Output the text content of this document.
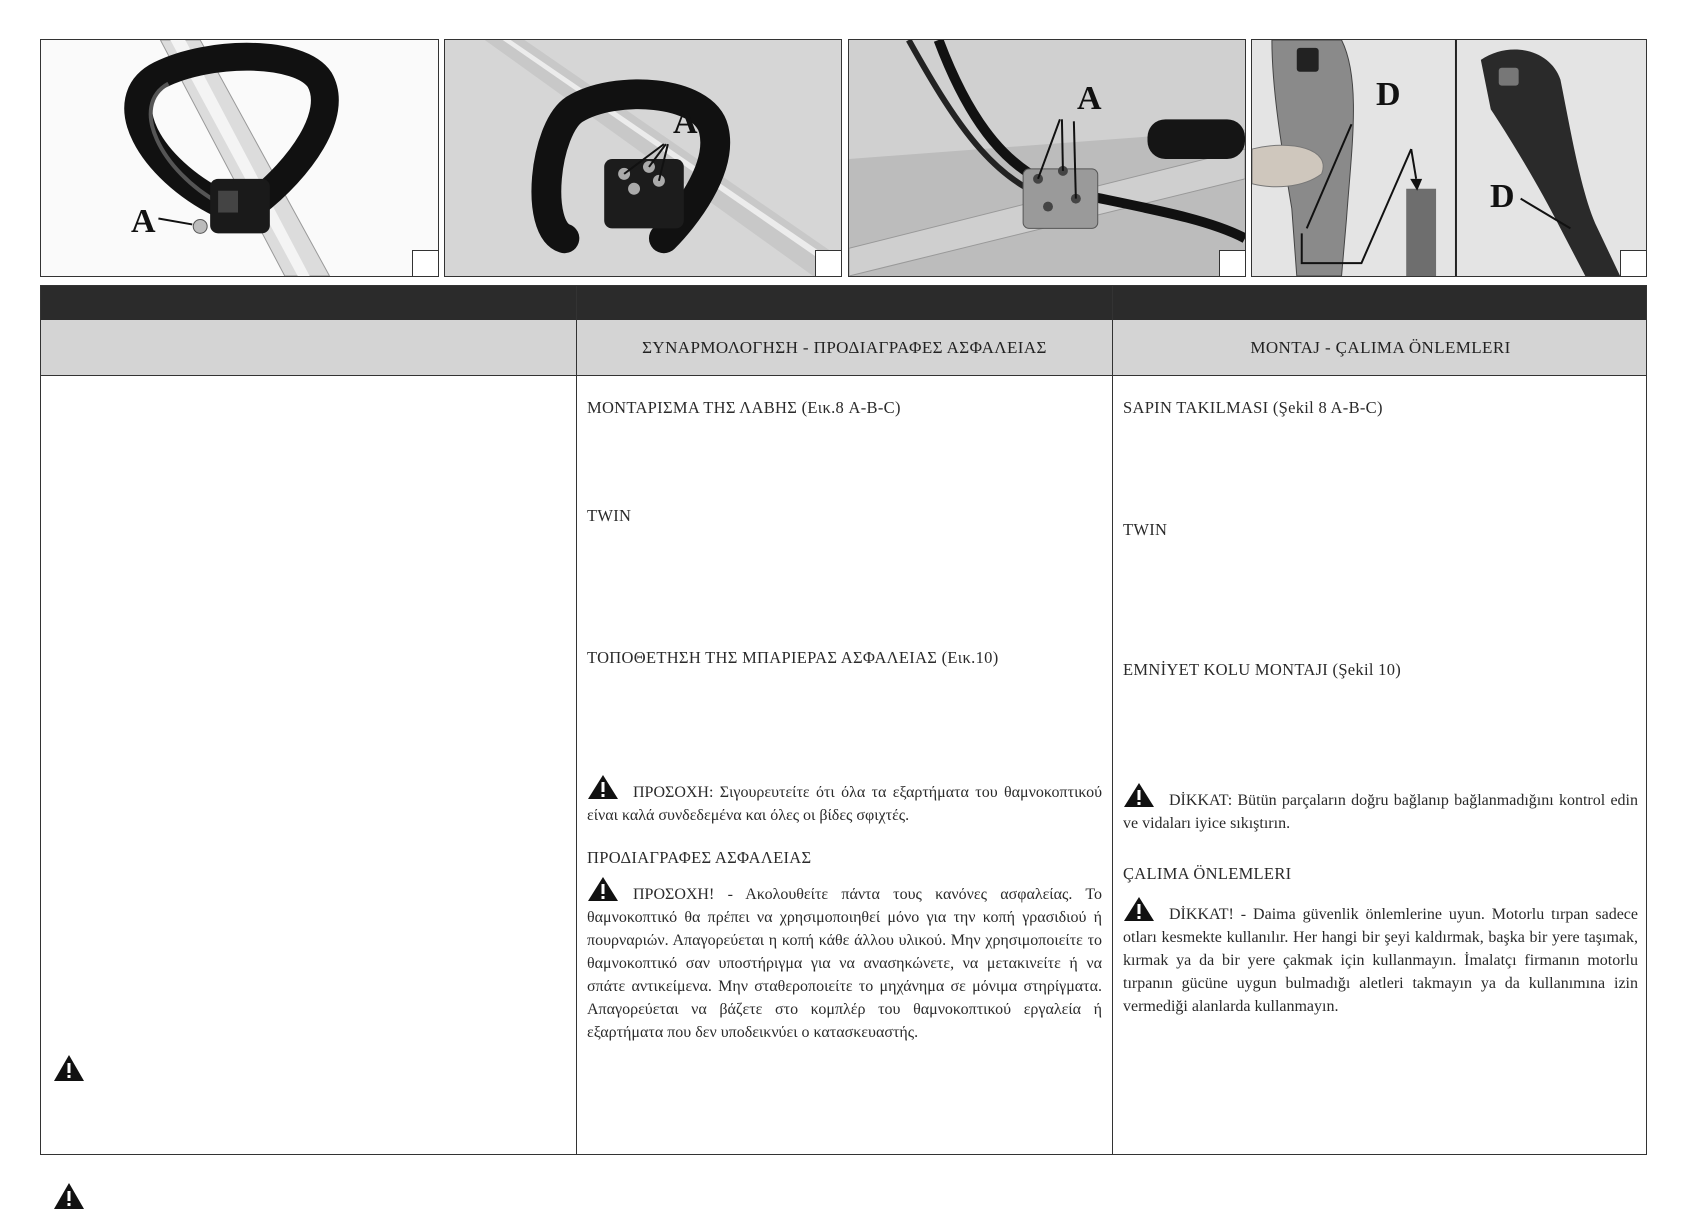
A
A
A	D
D
ΣΥΝΑΡΜΟΛΟΓΗΣΗ - ΠΡΟΔΙΑΓΡΑΦΕΣ ΑΣΦΑΛΕΙΑΣ	MONTAJ - ÇALIMA ÖNLEMLERI
ΜΟΝΤΑΡΙΣΜΑ ΤΗΣ ΛΑΒΗΣ (Εικ.8 A-B-C)
TWIN
ΤΟΠΟΘΕΤΗΣΗ ΤΗΣ ΜΠΑΡΙΕΡΑΣ ΑΣΦΑΛΕΙΑΣ (Εικ.10)
ΠΡΟΣΟΧΗ: Σιγουρευτείτε ότι όλα τα εξαρτήματα του θαμνοκοπτικού είναι καλά συνδεδεμένα και όλες οι βίδες σφιχτές.
ΠΡΟΔΙΑΓΡΑΦΕΣ ΑΣΦΑΛΕΙΑΣ
ΠΡΟΣΟΧΗ! - Ακολουθείτε πάντα τους κανόνες ασφαλείας. Το θαμνοκοπτικό θα πρέπει να χρησιμοποιηθεί μόνο για την κοπή γρασιδιού ή πουρναριών. Απαγορεύεται η κοπή κάθε άλλου υλικού. Μην χρησιμοποιείτε το θαμνοκοπτικό σαν υποστήριγμα για να ανασηκώνετε, να μετακινείτε ή να σπάτε αντικείμενα. Μην σταθεροποιείτε το μηχάνημα σε μόνιμα στηρίγματα. Απαγορεύεται να βάζετε στο κομπλέρ του θαμνοκοπτικού εργαλεία ή εξαρτήματα που δεν υποδεικνύει ο κατασκευαστής.
SAPIN TAKILMASI (Şekil 8 A-B-C)
TWIN
EMNİYET KOLU MONTAJI (Şekil 10)
DİKKAT: Bütün parçaların doğru bağlanıp bağlanmadığını kontrol edin ve vidaları iyice sıkıştırın.
ÇALIMA ÖNLEMLERI
DİKKAT! - Daima güvenlik önlemlerine uyun. Motorlu tırpan sadece otları kesmekte kullanılır. Her hangi bir şeyi kaldırmak, başka bir yere taşımak, kırmak ya da bir yere çakmak için kullanmayın. İmalatçı firmanın motorlu tırpanın gücüne uygun bulmadığı aletleri takmayın ya da kullanımına izin vermediği alanlarda kullanmayın.
